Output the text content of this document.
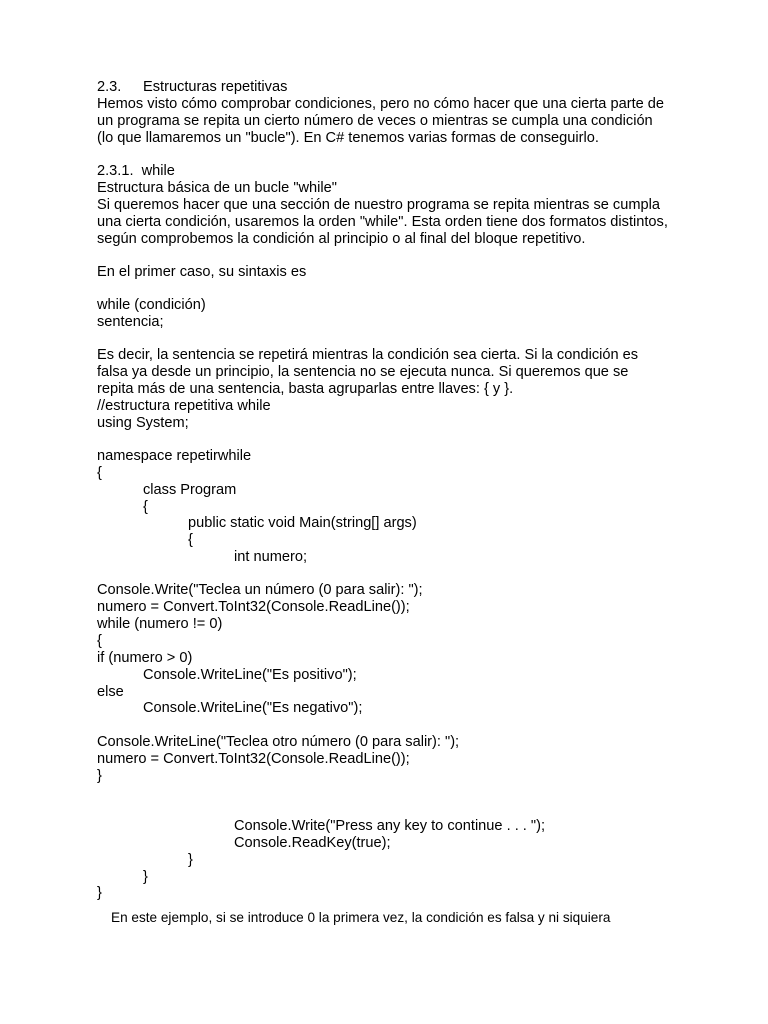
2.3. Estructuras repetitivas
Hemos visto cómo comprobar condiciones, pero no cómo hacer que una cierta parte de
un programa se repita un cierto número de veces o mientras se cumpla una condición
(lo que llamaremos un "bucle"). En C# tenemos varias formas de conseguirlo.
2.3.1. while
Estructura básica de un bucle "while"
Si queremos hacer que una sección de nuestro programa se repita mientras se cumpla
una cierta condición, usaremos la orden "while". Esta orden tiene dos formatos distintos,
según comprobemos la condición al principio o al final del bloque repetitivo.
En el primer caso, su sintaxis es
while (condición)
sentencia;
Es decir, la sentencia se repetirá mientras la condición sea cierta. Si la condición es
falsa ya desde un principio, la sentencia no se ejecuta nunca. Si queremos que se
repita más de una sentencia, basta agruparlas entre llaves: { y }.
//estructura repetitiva while
using System;
namespace repetirwhile
{
class Program
{
public static void Main(string[] args)
{
int numero;
Console.Write("Teclea un número (0 para salir): ");
numero = Convert.ToInt32(Console.ReadLine());
while (numero != 0)
{
if (numero > 0)
Console.WriteLine("Es positivo");
else
Console.WriteLine("Es negativo");
Console.WriteLine("Teclea otro número (0 para salir): ");
numero = Convert.ToInt32(Console.ReadLine());
}
Console.Write("Press any key to continue . . . ");
Console.ReadKey(true);
}
}
}
En este ejemplo, si se introduce 0 la primera vez, la condición es falsa y ni siquiera
